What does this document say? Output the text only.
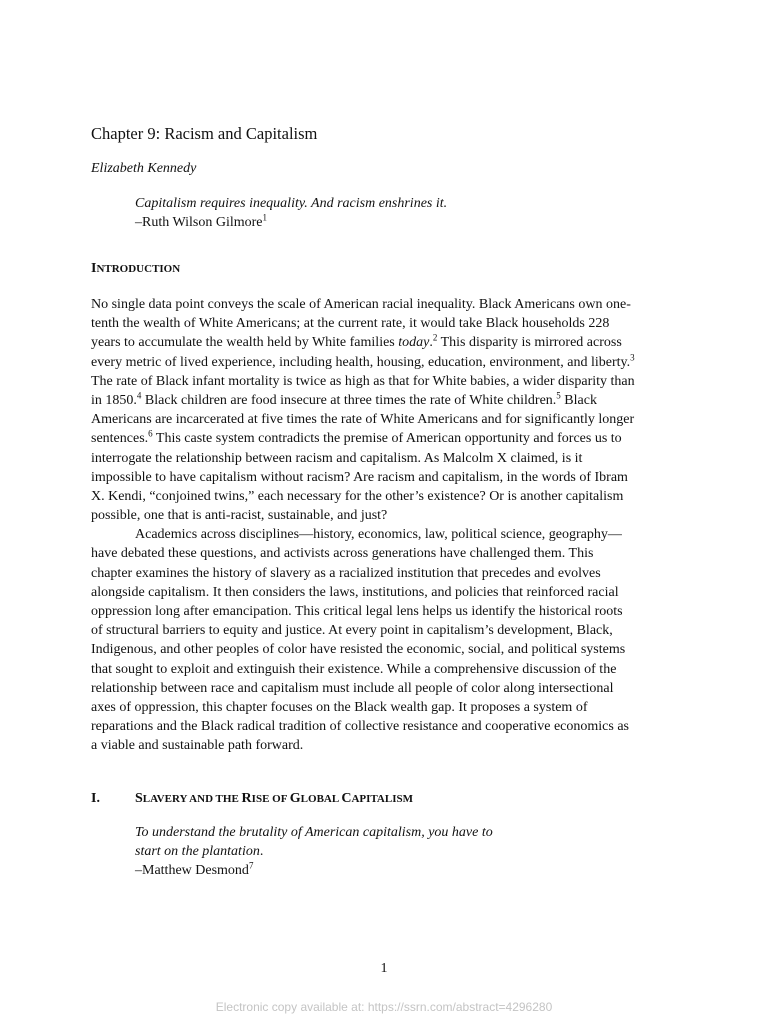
Chapter 9: Racism and Capitalism
Elizabeth Kennedy
Capitalism requires inequality. And racism enshrines it.
–Ruth Wilson Gilmore$^1$
INTRODUCTION
No single data point conveys the scale of American racial inequality. Black Americans own one-
tenth the wealth of White Americans; at the current rate, it would take Black households 228
years to accumulate the wealth held by White families today.$^2$ This disparity is mirrored across
every metric of lived experience, including health, housing, education, environment, and liberty.$^3$
The rate of Black infant mortality is twice as high as that for White babies, a wider disparity than
in 1850.$^4$ Black children are food insecure at three times the rate of White children.$^5$ Black
Americans are incarcerated at five times the rate of White Americans and for significantly longer
sentences.$^6$ This caste system contradicts the premise of American opportunity and forces us to
interrogate the relationship between racism and capitalism. As Malcolm X claimed, is it
impossible to have capitalism without racism? Are racism and capitalism, in the words of Ibram
X. Kendi, “conjoined twins,” each necessary for the other’s existence? Or is another capitalism
possible, one that is anti-racist, sustainable, and just?
Academics across disciplines—history, economics, law, political science, geography—
have debated these questions, and activists across generations have challenged them. This
chapter examines the history of slavery as a racialized institution that precedes and evolves
alongside capitalism. It then considers the laws, institutions, and policies that reinforced racial
oppression long after emancipation. This critical legal lens helps us identify the historical roots
of structural barriers to equity and justice. At every point in capitalism’s development, Black,
Indigenous, and other peoples of color have resisted the economic, social, and political systems
that sought to exploit and extinguish their existence. While a comprehensive discussion of the
relationship between race and capitalism must include all people of color along intersectional
axes of oppression, this chapter focuses on the Black wealth gap. It proposes a system of
reparations and the Black radical tradition of collective resistance and cooperative economics as
a viable and sustainable path forward.
I.	SLAVERY AND THE RISE OF GLOBAL CAPITALISM
To understand the brutality of American capitalism, you have to
start on the plantation.
–Matthew Desmond$^7$
1
Electronic copy available at: https://ssrn.com/abstract=4296280
